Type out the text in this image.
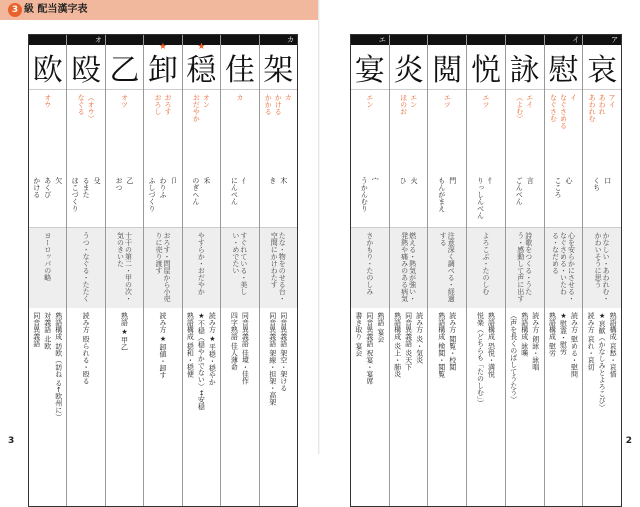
3 級 配当漢字表
欧
オウ
欠
あくび
かける
ヨーロッパの略
熟語構成 訪欧（訪ね る←欧州に）
対義語 北欧
同音異義語
オ
殴
（オウ）
なぐる
殳
るまた
ほこづくり
うつ・なぐる・たたく
読み方 殴られる・殴る
乙
オツ
乙
おつ
十干の第二・甲の次・気のきいた
熟語 ★甲乙
卸
★
おろす
おろし
卩
わりふ
ふしづくり
おろす・問屋から小売りに売り渡す
読み方 ★卸値・卸す
穏
★
オン
おだやか
禾
のぎへん
やすらか・おだやか
読み方 ★平穏・穏やか
★不穏（穏やかでない）↔安穏
熟語構成 穏和・穏便
佳
カ
亻
にんべん
すぐれている・美しい・めでたい
同音異義語 佳境・佳作
四字熟語 佳人薄命
カ
架
カ
かける
かかる
木
き
たな・物をのせる台・空間にかけわたす
同音異義語 架空・架ける
同音異義語 架線・担架・高架
3
エ
宴
エン
宀
うかんむり
さかもり・たのしみ
熟語 宴会
同音異義語 祝宴・宴席
書き取り 宴会
炎
エン
ほのお
火
ひ
燃える・熱気が強い・発熱や痛みのある病気
読み方 炎・気炎
同音異義語 炎天下
熟語構成 炎上・肺炎
閲
エツ
門
もんがまえ
注意深く調べる・経過する
読み方 閲覧・校閲
熟語構成 検閲・閲覧
悦
エツ
忄
りっしんべん
よろこぶ・たのしむ
熟語構成 恐悦・満悦
悦楽（どちらも「たのしむ」）
詠
エイ
（よむ）
言
ごんべん
詩歌をつくる・うたう・感動して声に出す
読み方 朗詠・詠唱
熟語構成 詠嘆
（声を長くのばしてうたう）
イ
慰
イ
なぐさめる
なぐさむ
心
こころ
心を安らかにさせる・なぐさめる・いたわる・なだめる
読み方 慰める・慰問
★慰霊・慰労
熟語構成 慰労
ア
哀
アイ
あわれ
あわれむ
口
くち
かなしい・あわれむ・かわいそうに思う
熟語構成 哀愁・哀惜
★哀歓（かなしみとよろこび）
読み方 哀れ・哀切
2
